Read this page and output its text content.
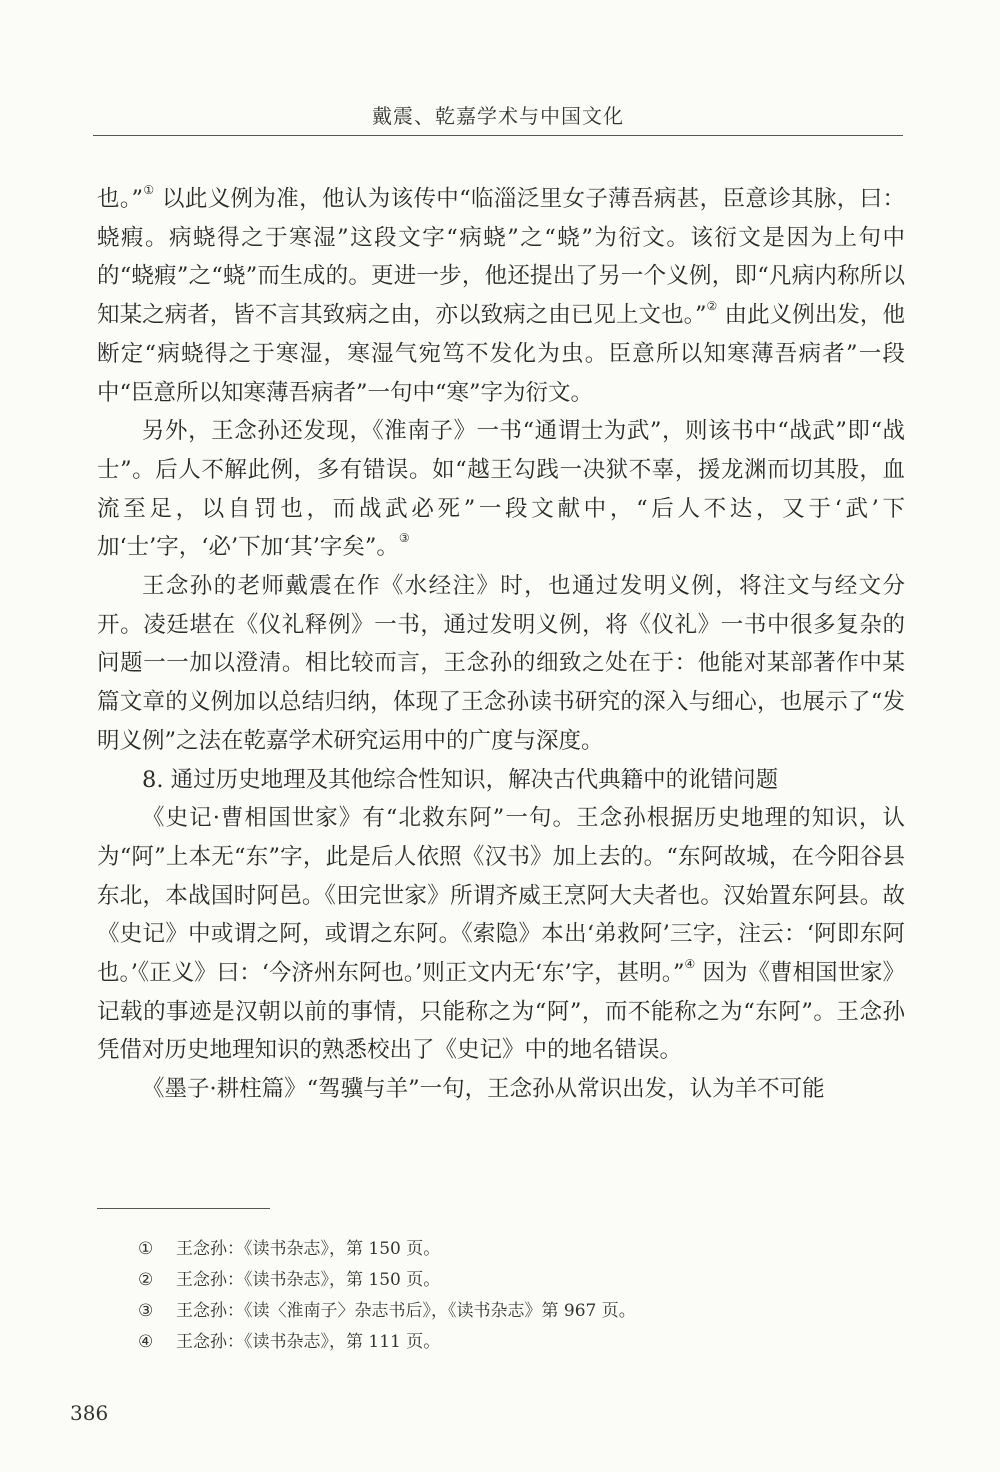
戴震、乾嘉学术与中国文化

也。”① 以此义例为准，他认为该传中“临淄泛里女子薄吾病甚，臣意诊其脉，曰：蛲瘕。病蛲得之于寒湿”这段文字“病蛲”之“蛲”为衍文。该衍文是因为上句中的“蛲瘕”之“蛲”而生成的。更进一步，他还提出了另一个义例，即“凡病内称所以知某之病者，皆不言其致病之由，亦以致病之由已见上文也。”② 由此义例出发，他断定“病蛲得之于寒湿，寒湿气宛笃不发化为虫。臣意所以知寒薄吾病者”一段中“臣意所以知寒薄吾病者”一句中“寒”字为衍文。

另外，王念孙还发现，《淮南子》一书“通谓士为武”，则该书中“战武”即“战士”。后人不解此例，多有错误。如“越王勾践一决狱不辜，援龙渊而切其股，血流至足，以自罚也，而战武必死”一段文献中，“后人不达，又于‘武’下加‘士’字，‘必’下加‘其’字矣”。③

王念孙的老师戴震在作《水经注》时，也通过发明义例，将注文与经文分开。凌廷堪在《仪礼释例》一书，通过发明义例，将《仪礼》一书中很多复杂的问题一一加以澄清。相比较而言，王念孙的细致之处在于：他能对某部著作中某篇文章的义例加以总结归纳，体现了王念孙读书研究的深入与细心，也展示了“发明义例”之法在乾嘉学术研究运用中的广度与深度。

8. 通过历史地理及其他综合性知识，解决古代典籍中的讹错问题

《史记·曹相国世家》有“北救东阿”一句。王念孙根据历史地理的知识，认为“阿”上本无“东”字，此是后人依照《汉书》加上去的。“东阿故城，在今阳谷县东北，本战国时阿邑。《田完世家》所谓齐威王烹阿大夫者也。汉始置东阿县。故《史记》中或谓之阿，或谓之东阿。《索隐》本出‘弟救阿’三字，注云：‘阿即东阿也。’《正义》曰：‘今济州东阿也。’则正文内无‘东’字，甚明。”④ 因为《曹相国世家》记载的事迹是汉朝以前的事情，只能称之为“阿”，而不能称之为“东阿”。王念孙凭借对历史地理知识的熟悉校出了《史记》中的地名错误。

《墨子·耕柱篇》“驾骥与羊”一句，王念孙从常识出发，认为羊不可能

① 王念孙：《读书杂志》，第 150 页。
② 王念孙：《读书杂志》，第 150 页。
③ 王念孙：《读〈淮南子〉杂志书后》，《读书杂志》第 967 页。
④ 王念孙：《读书杂志》，第 111 页。
386
